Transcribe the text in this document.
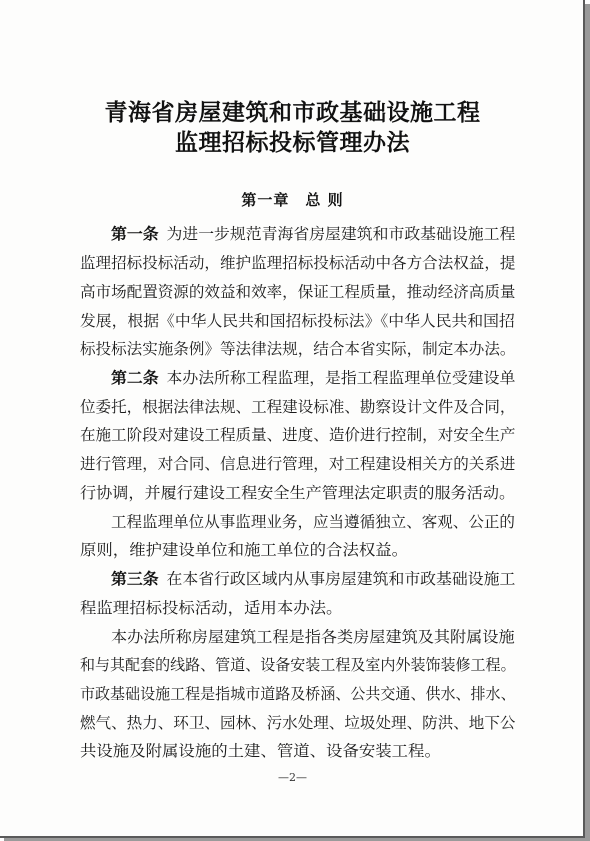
青海省房屋建筑和市政基础设施工程
监理招标投标管理办法
第一章 总 则
第一条  为进一步规范青海省房屋建筑和市政基础设施工程
监理招标投标活动，维护监理招标投标活动中各方合法权益，提
高市场配置资源的效益和效率，保证工程质量，推动经济高质量
发展，根据《中华人民共和国招标投标法》《中华人民共和国招
标投标法实施条例》等法律法规，结合本省实际，制定本办法。
第二条  本办法所称工程监理，是指工程监理单位受建设单
位委托，根据法律法规、工程建设标准、勘察设计文件及合同，
在施工阶段对建设工程质量、进度、造价进行控制，对安全生产
进行管理，对合同、信息进行管理，对工程建设相关方的关系进
行协调，并履行建设工程安全生产管理法定职责的服务活动。
工程监理单位从事监理业务，应当遵循独立、客观、公正的
原则，维护建设单位和施工单位的合法权益。
第三条  在本省行政区域内从事房屋建筑和市政基础设施工
程监理招标投标活动，适用本办法。
本办法所称房屋建筑工程是指各类房屋建筑及其附属设施
和与其配套的线路、管道、设备安装工程及室内外装饰装修工程。
市政基础设施工程是指城市道路及桥涵、公共交通、供水、排水、
燃气、热力、环卫、园林、污水处理、垃圾处理、防洪、地下公
共设施及附属设施的土建、管道、设备安装工程。
—2—
